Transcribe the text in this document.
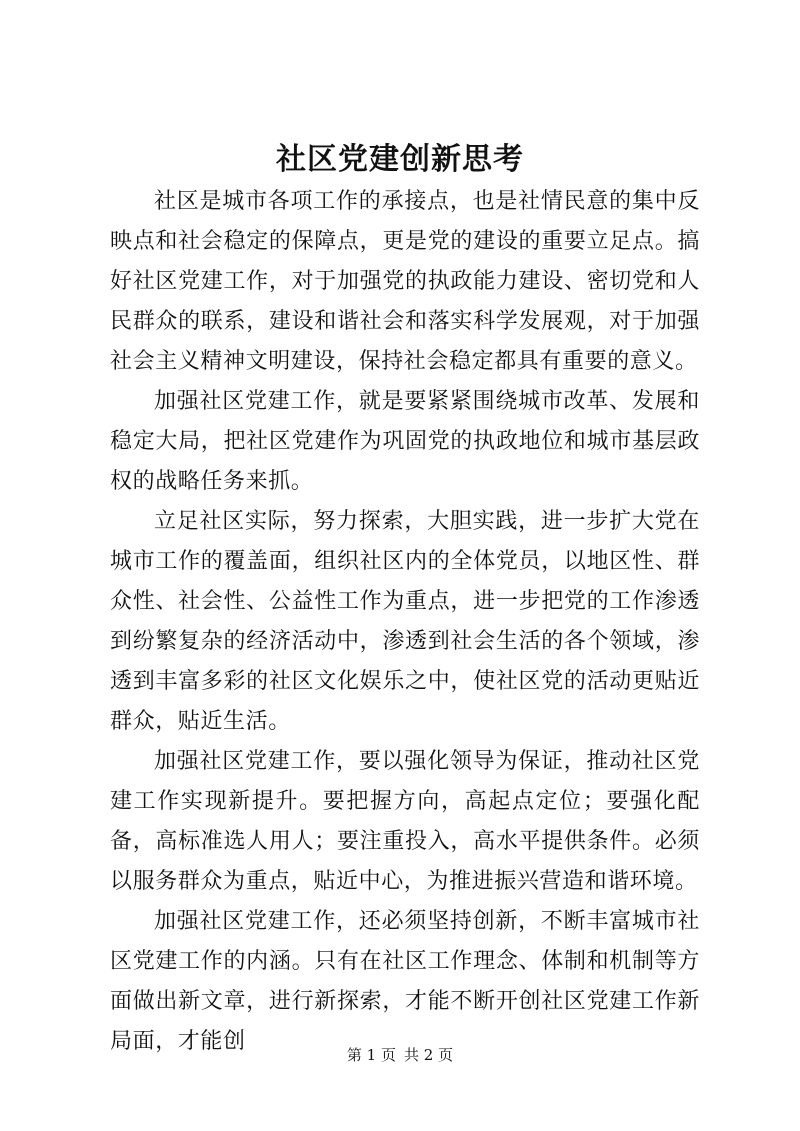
社区党建创新思考

社区是城市各项工作的承接点，也是社情民意的集中反映点和社会稳定的保障点，更是党的建设的重要立足点。搞好社区党建工作，对于加强党的执政能力建设、密切党和人民群众的联系，建设和谐社会和落实科学发展观，对于加强社会主义精神文明建设，保持社会稳定都具有重要的意义。

加强社区党建工作，就是要紧紧围绕城市改革、发展和稳定大局，把社区党建作为巩固党的执政地位和城市基层政权的战略任务来抓。

立足社区实际，努力探索，大胆实践，进一步扩大党在城市工作的覆盖面，组织社区内的全体党员，以地区性、群众性、社会性、公益性工作为重点，进一步把党的工作渗透到纷繁复杂的经济活动中，渗透到社会生活的各个领域，渗透到丰富多彩的社区文化娱乐之中，使社区党的活动更贴近群众，贴近生活。

加强社区党建工作，要以强化领导为保证，推动社区党建工作实现新提升。要把握方向，高起点定位；要强化配备，高标准选人用人；要注重投入，高水平提供条件。必须以服务群众为重点，贴近中心，为推进振兴营造和谐环境。

加强社区党建工作，还必须坚持创新，不断丰富城市社区党建工作的内涵。只有在社区工作理念、体制和机制等方面做出新文章，进行新探索，才能不断开创社区党建工作新局面，才能创

第 1 页 共 2 页
